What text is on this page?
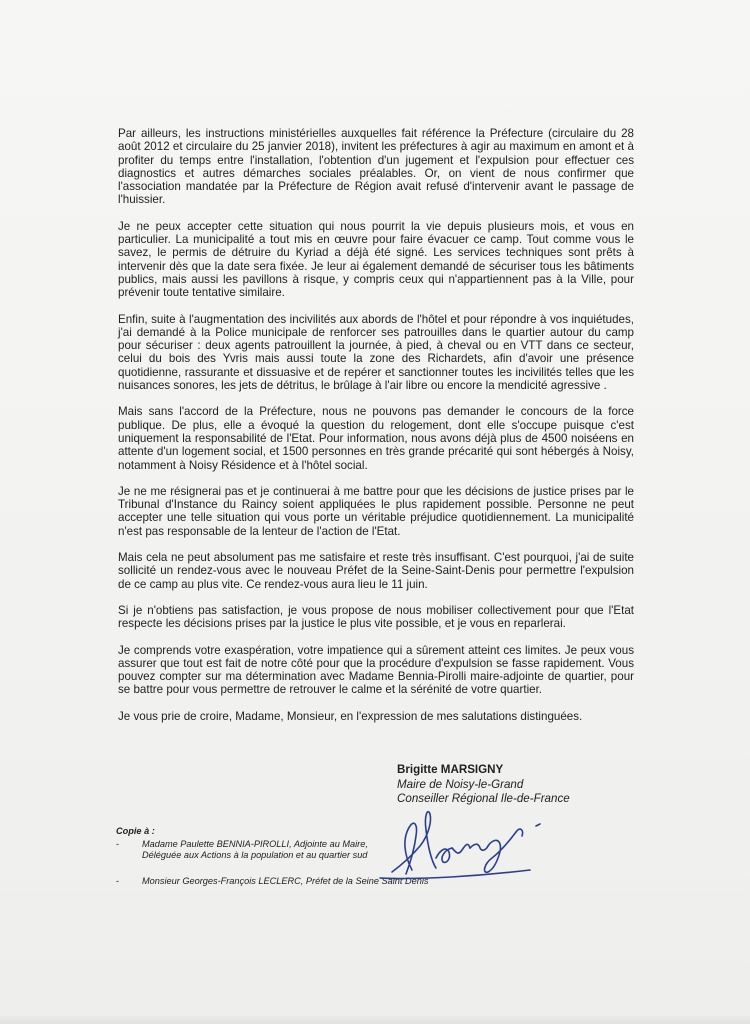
Par ailleurs, les instructions ministérielles auxquelles fait référence la Préfecture (circulaire du 28 août 2012 et circulaire du 25 janvier 2018), invitent les préfectures à agir au maximum en amont et à profiter du temps entre l'installation, l'obtention d'un jugement et l'expulsion pour effectuer ces diagnostics et autres démarches sociales préalables. Or, on vient de nous confirmer que l'association mandatée par la Préfecture de Région avait refusé d'intervenir avant le passage de l'huissier.

Je ne peux accepter cette situation qui nous pourrit la vie depuis plusieurs mois, et vous en particulier. La municipalité a tout mis en œuvre pour faire évacuer ce camp. Tout comme vous le savez, le permis de détruire du Kyriad a déjà été signé. Les services techniques sont prêts à intervenir dès que la date sera fixée. Je leur ai également demandé de sécuriser tous les bâtiments publics, mais aussi les pavillons à risque, y compris ceux qui n'appartiennent pas à la Ville, pour prévenir toute tentative similaire.

Enfin, suite à l'augmentation des incivilités aux abords de l'hôtel et pour répondre à vos inquiétudes, j'ai demandé à la Police municipale de renforcer ses patrouilles dans le quartier autour du camp pour sécuriser : deux agents patrouillent la journée, à pied, à cheval ou en VTT dans ce secteur, celui du bois des Yvris mais aussi toute la zone des Richardets, afin d'avoir une présence quotidienne, rassurante et dissuasive et de repérer et sanctionner toutes les incivilités telles que les nuisances sonores, les jets de détritus, le brûlage à l'air libre ou encore la mendicité agressive .

Mais sans l'accord de la Préfecture, nous ne pouvons pas demander le concours de la force publique. De plus, elle a évoqué la question du relogement, dont elle s'occupe puisque c'est uniquement la responsabilité de l'Etat. Pour information, nous avons déjà plus de 4500 noiséens en attente d'un logement social, et 1500 personnes en très grande précarité qui sont hébergés à Noisy, notamment à Noisy Résidence et à l'hôtel social.

Je ne me résignerai pas et je continuerai à me battre pour que les décisions de justice prises par le Tribunal d'Instance du Raincy soient appliquées le plus rapidement possible. Personne ne peut accepter une telle situation qui vous porte un véritable préjudice quotidiennement. La municipalité n'est pas responsable de la lenteur de l'action de l'Etat.

Mais cela ne peut absolument pas me satisfaire et reste très insuffisant. C'est pourquoi, j'ai de suite sollicité un rendez-vous avec le nouveau Préfet de la Seine-Saint-Denis pour permettre l'expulsion de ce camp au plus vite. Ce rendez-vous aura lieu le 11 juin.

Si je n'obtiens pas satisfaction, je vous propose de nous mobiliser collectivement pour que l'Etat respecte les décisions prises par la justice le plus vite possible, et je vous en reparlerai.

Je comprends votre exaspération, votre impatience qui a sûrement atteint ces limites. Je peux vous assurer que tout est fait de notre côté pour que la procédure d'expulsion se fasse rapidement. Vous pouvez compter sur ma détermination avec Madame Bennia-Pirolli maire-adjointe de quartier, pour se battre pour vous permettre de retrouver le calme et la sérénité de votre quartier.

Je vous prie de croire, Madame, Monsieur, en l'expression de mes salutations distinguées.

Brigitte MARSIGNY
Maire de Noisy-le-Grand
Conseiller Régional Ile-de-France
Copie à :
- Madame Paulette BENNIA-PIROLLI, Adjointe au Maire,
Déléguée aux Actions à la population et au quartier sud
- Monsieur Georges-François LECLERC, Préfet de la Seine Saint Denis
